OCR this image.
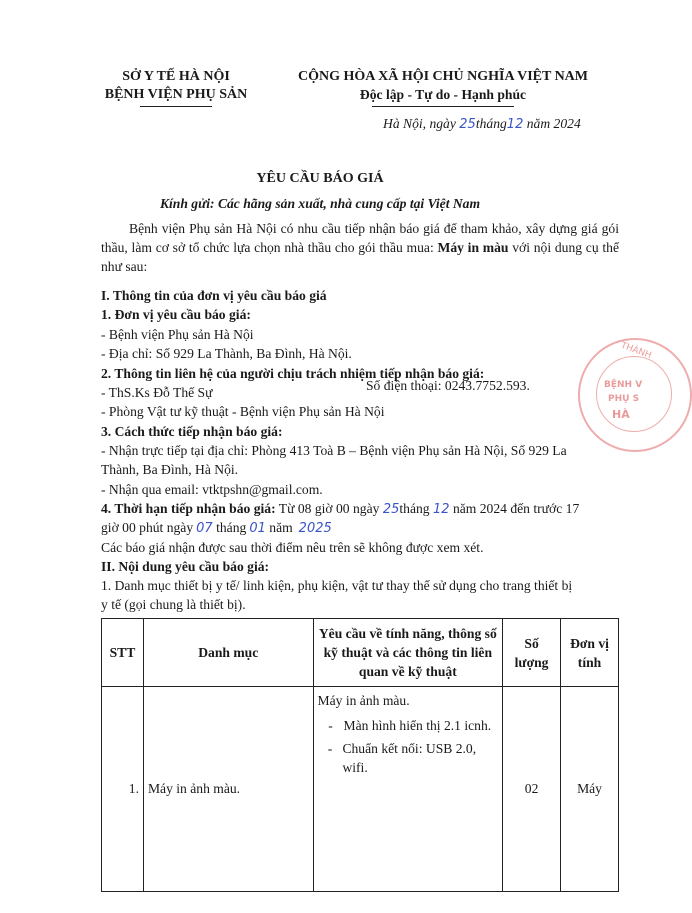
SỞ Y TẾ HÀ NỘI
BỆNH VIỆN PHỤ SẢN
CỘNG HÒA XÃ HỘI CHỦ NGHĨA VIỆT NAM
Độc lập - Tự do - Hạnh phúc
Hà Nội, ngày 25tháng12 năm 2024
YÊU CẦU BÁO GIÁ
Kính gửi: Các hãng sản xuất, nhà cung cấp tại Việt Nam
Bệnh viện Phụ sản Hà Nội có nhu cầu tiếp nhận báo giá để tham khảo, xây dựng giá gói thầu, làm cơ sở tổ chức lựa chọn nhà thầu cho gói thầu mua: Máy in màu với nội dung cụ thể như sau:
I. Thông tin của đơn vị yêu cầu báo giá
1. Đơn vị yêu cầu báo giá:
- Bệnh viện Phụ sản Hà Nội
- Địa chỉ: Số 929 La Thành, Ba Đình, Hà Nội.
2. Thông tin liên hệ của người chịu trách nhiệm tiếp nhận báo giá:
- ThS.Ks Đỗ Thế Sự	Số điện thoại: 0243.7752.593.
- Phòng Vật tư kỹ thuật - Bệnh viện Phụ sản Hà Nội
3. Cách thức tiếp nhận báo giá:
- Nhận trực tiếp tại địa chỉ: Phòng 413 Toà B – Bệnh viện Phụ sản Hà Nội, Số 929 La
Thành, Ba Đình, Hà Nội.
- Nhận qua email: vtktpshn@gmail.com.
4. Thời hạn tiếp nhận báo giá: Từ 08 giờ 00 ngày 25tháng 12 năm 2024 đến trước 17
giờ 00 phút ngày 07 tháng 01 năm 2025
Các báo giá nhận được sau thời điểm nêu trên sẽ không được xem xét.
II. Nội dung yêu cầu báo giá:
1. Danh mục thiết bị y tế/ linh kiện, phụ kiện, vật tư thay thế sử dụng cho trang thiết bị
y tế (gọi chung là thiết bị).
STT	Danh mục	Yêu cầu về tính năng, thông số kỹ thuật và các thông tin liên quan về kỹ thuật	Số lượng	Đơn vị tính
1.	Máy in ảnh màu.	Máy in ảnh màu.
- Màn hình hiển thị 2.1 icnh.
- Chuẩn kết nối: USB 2.0, wifi.	02	Máy
THÀNH
BỆNH V
PHỤ S
HÀ
